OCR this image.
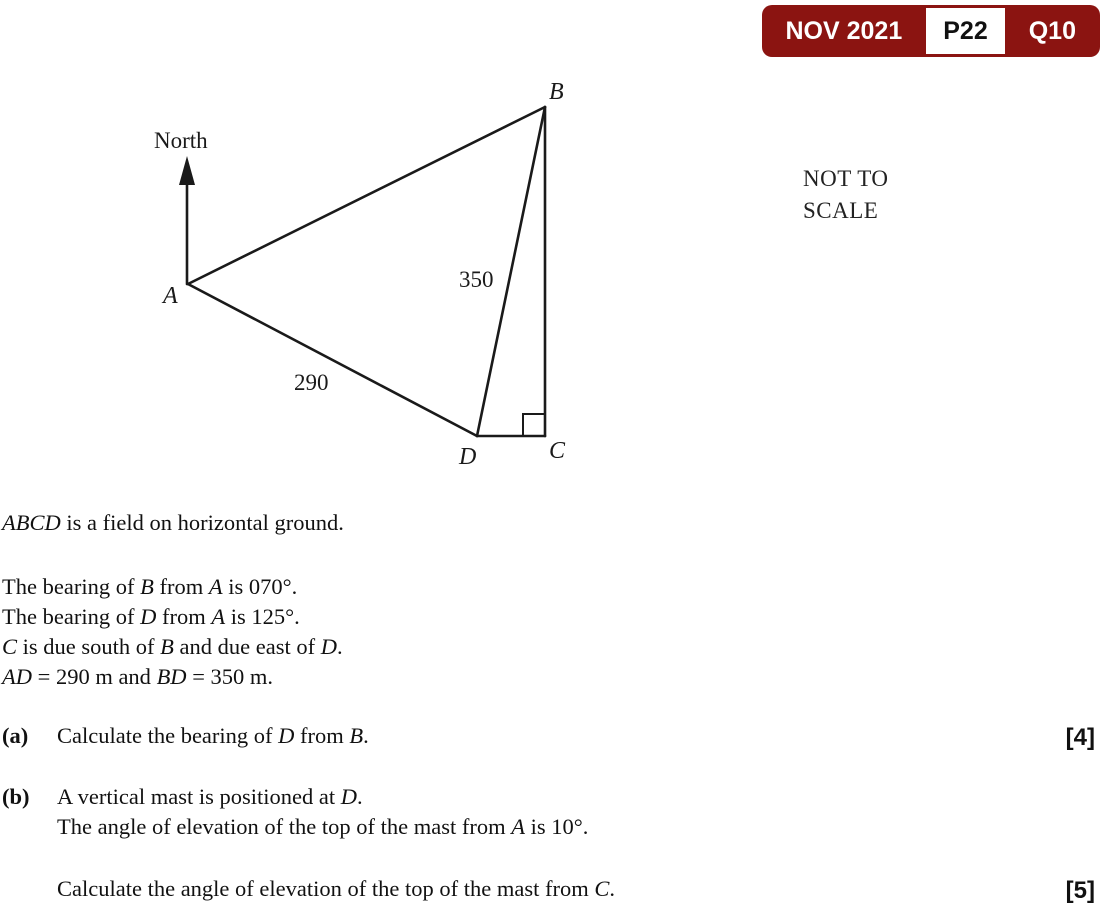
NOV 2021	P22	Q10
North
A
B
C
D
350
290
NOT TO
SCALE
ABCD is a field on horizontal ground.
The bearing of B from A is 070°.
The bearing of D from A is 125°.
C is due south of B and due east of D.
AD = 290 m and BD = 350 m.
(a) Calculate the bearing of D from B.	[4]
(b) A vertical mast is positioned at D.
The angle of elevation of the top of the mast from A is 10°.
Calculate the angle of elevation of the top of the mast from C.	[5]
